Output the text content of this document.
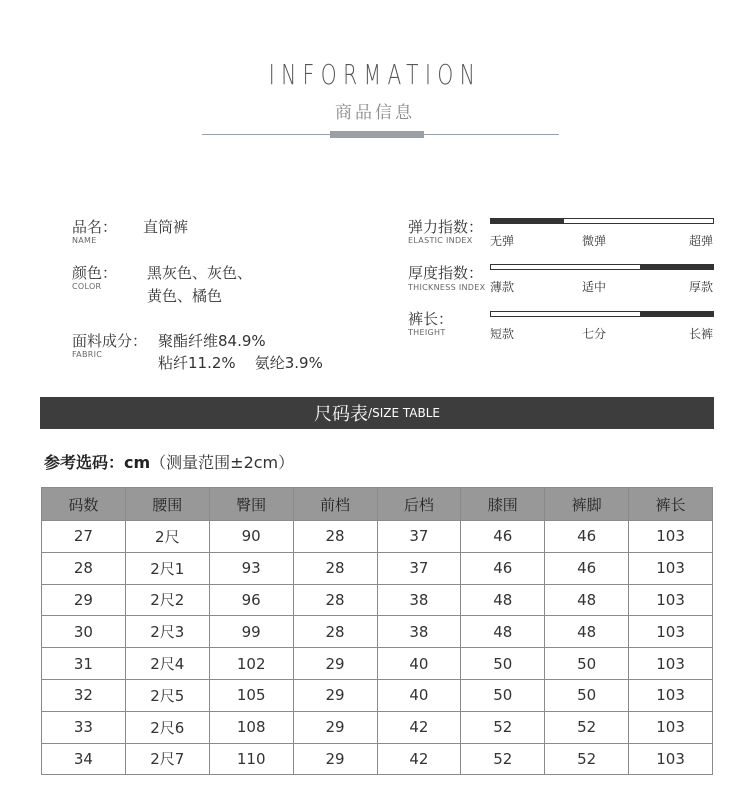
INFORMATION
商品信息
品名：
NAME
直筒裤
颜色：
COLOR
黑灰色、灰色、
黄色、橘色
面料成分：
FABRIC
聚酯纤维84.9%
粘纤11.2%    氨纶3.9%
弹力指数：
ELASTIC INDEX 无弹	微弹	超弹
厚度指数：
THICKNESS INDEX 薄款	适中	厚款
裤长：
THEIGHT	短款	七分	长裤
尺码表 /SIZE TABLE
参考选码：cm（测量范围±2cm）
码数	腰围	臀围	前档	后档	膝围	裤脚	裤长
27	2尺	90	28	37	46	46	103
28	2尺1	93	28	37	46	46	103
29	2尺2	96	28	38	48	48	103
30	2尺3	99	28	38	48	48	103
31	2尺4	102	29	40	50	50	103
32	2尺5	105	29	40	50	50	103
33	2尺6	108	29	42	52	52	103
34	2尺7	110	29	42	52	52	103
